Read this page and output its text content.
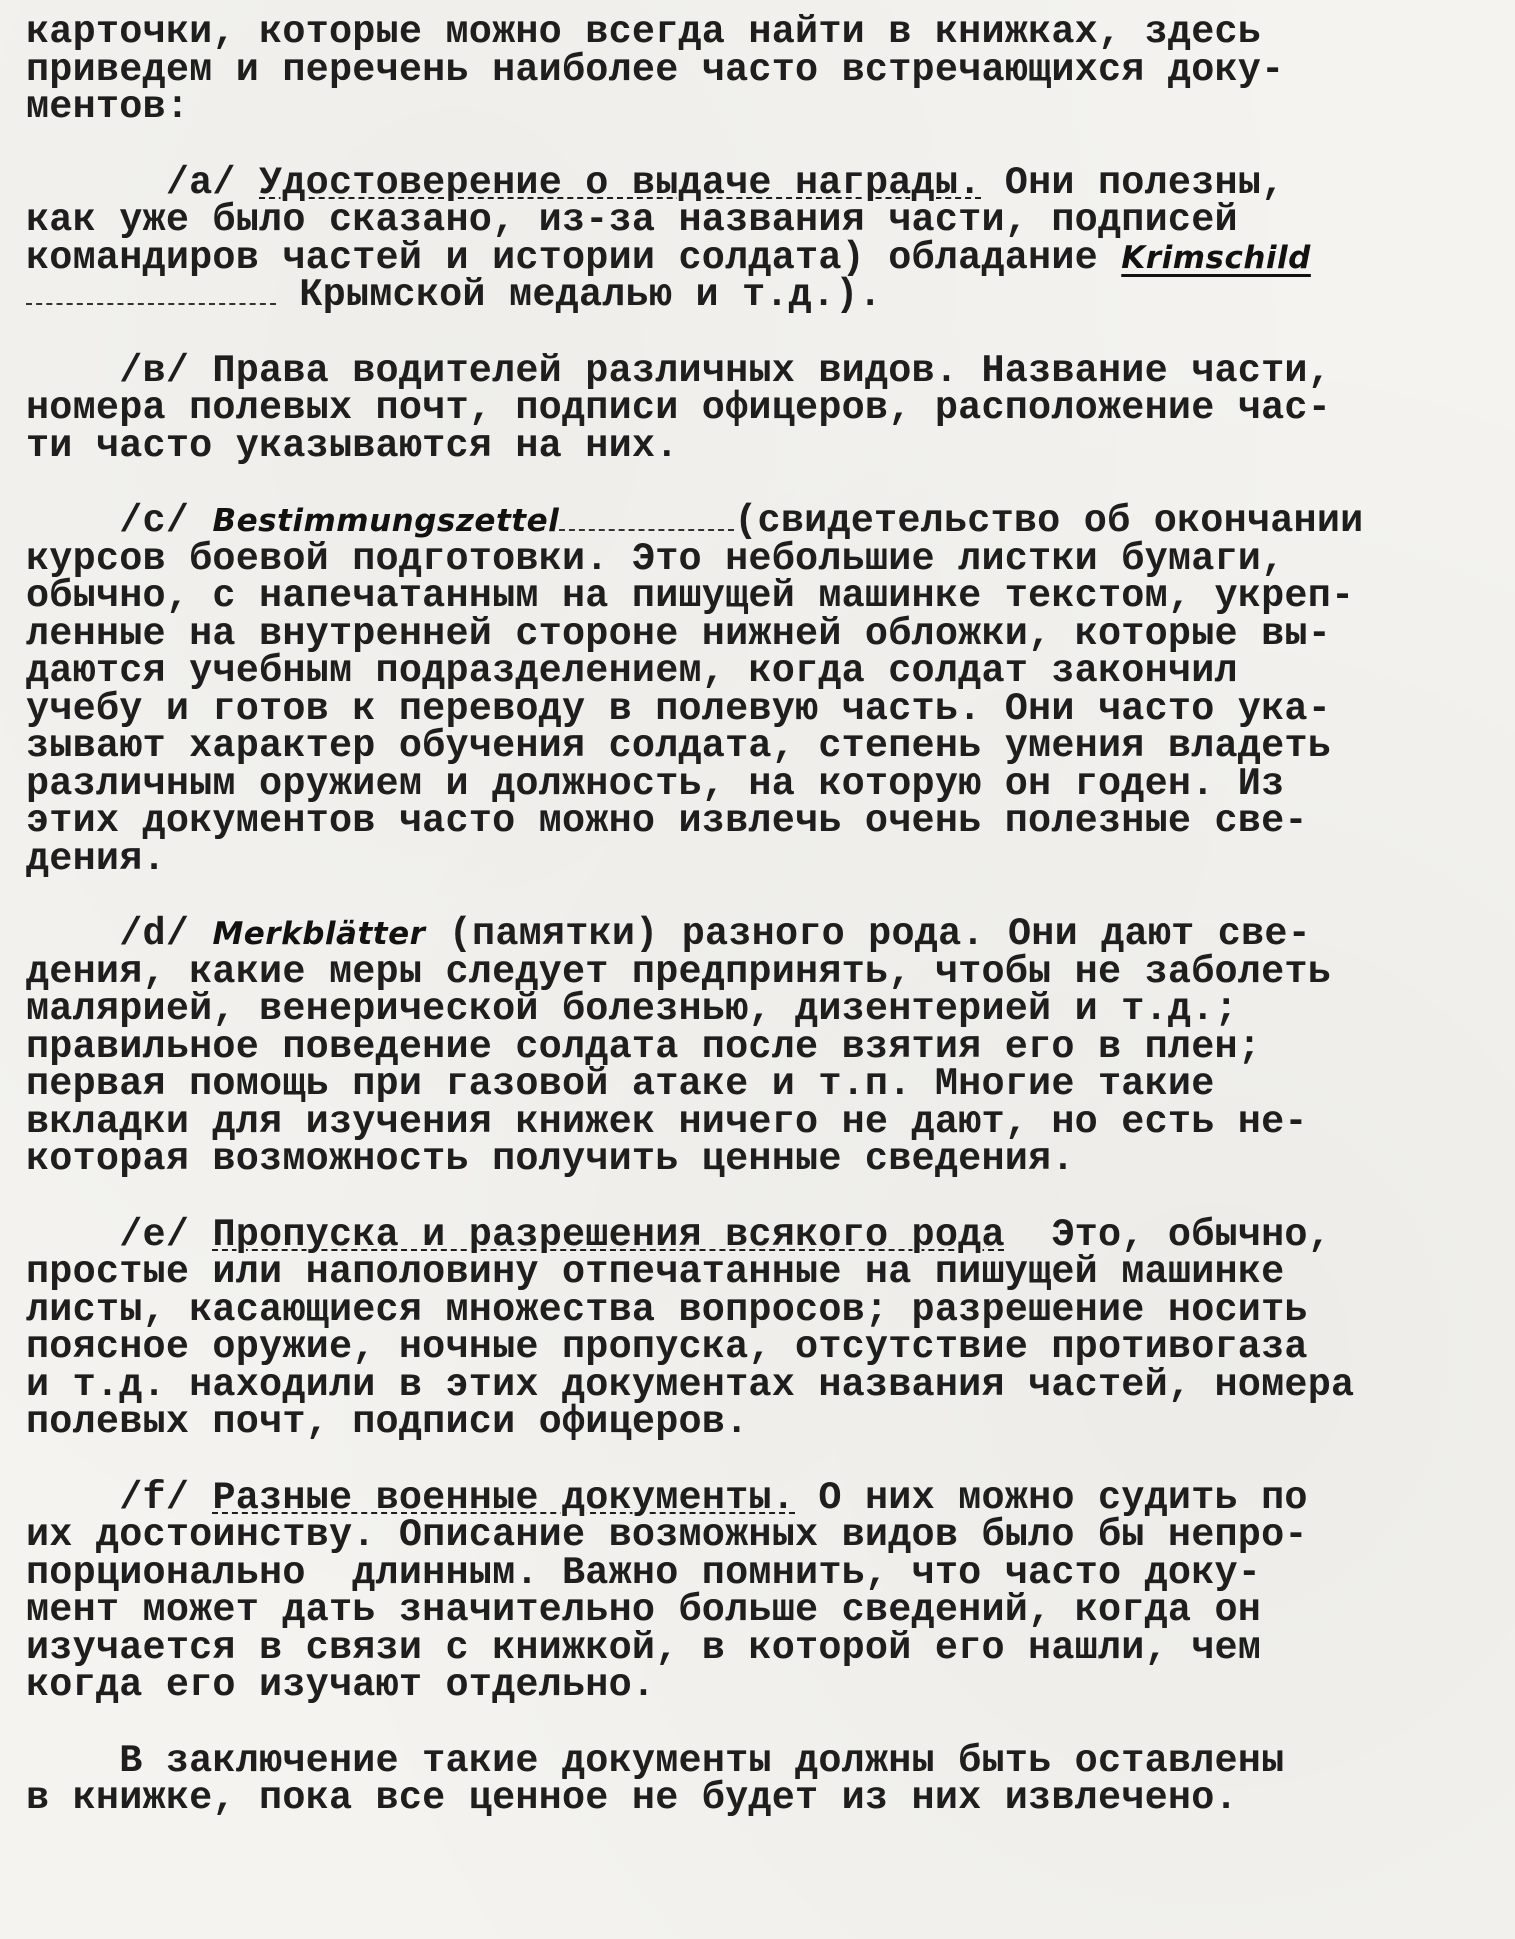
карточки, которые можно всегда найти в книжках, здесь
приведем и перечень наиболее часто встречающихся доку-
ментов:
/а/ Удостоверение о выдаче награды. Они полезны,
как уже было сказано, из-за названия части, подписей
командиров частей и истории солдата) обладание Krimschild
Крымской медалью и т.д.).
/в/ Права водителей различных видов. Название части,
номера полевых почт, подписи офицеров, расположение час-
ти часто указываются на них.
/с/ Bestimmungszettel	(свидетельство об окончании
курсов боевой подготовки. Это небольшие листки бумаги,
обычно, с напечатанным на пишущей машинке текстом, укреп-
ленные на внутренней стороне нижней обложки, которые вы-
даются учебным подразделением, когда солдат закончил
учебу и готов к переводу в полевую часть. Они часто ука-
зывают характер обучения солдата, степень умения владеть
различным оружием и должность, на которую он годен. Из
этих документов часто можно извлечь очень полезные све-
дения.
/d/ Merkblätter (памятки) разного рода. Они дают све-
дения, какие меры следует предпринять, чтобы не заболеть
малярией, венерической болезнью, дизентерией и т.д.;
правильное поведение солдата после взятия его в плен;
первая помощь при газовой атаке и т.п. Многие такие
вкладки для изучения книжек ничего не дают, но есть не-
которая возможность получить ценные сведения.
/е/ Пропуска и разрешения всякого рода  Это, обычно,
простые или наполовину отпечатанные на пишущей машинке
листы, касающиеся множества вопросов; разрешение носить
поясное оружие, ночные пропуска, отсутствие противогаза
и т.д. находили в этих документах названия частей, номера
полевых почт, подписи офицеров.
/f/ Разные военные документы. О них можно судить по
их достоинству. Описание возможных видов было бы непро-
порционально  длинным. Важно помнить, что часто доку-
мент может дать значительно больше сведений, когда он
изучается в связи с книжкой, в которой его нашли, чем
когда его изучают отдельно.
В заключение такие документы должны быть оставлены
в книжке, пока все ценное не будет из них извлечено.
